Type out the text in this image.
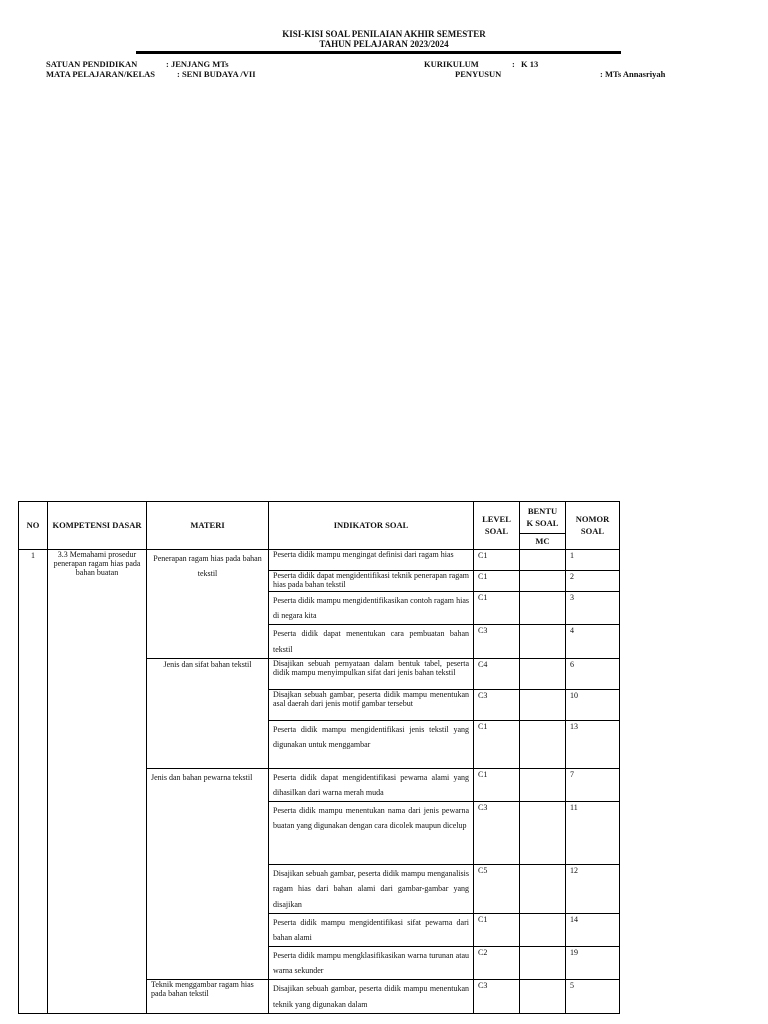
KISI-KISI SOAL PENILAIAN AKHIR SEMESTER
TAHUN PELAJARAN 2023/2024
SATUAN PENDIDIKAN	: JENJANG MTs
MATA PELAJARAN/KELAS	: SENI BUDAYA /VII
KURIKULUM	: K 13
PENYUSUN	: MTs Annasriyah
NO	KOMPETENSI DASAR	MATERI	INDIKATOR SOAL	LEVEL SOAL	BENTU K SOAL	NOMOR SOAL
					MC	
1	3.3 Memahami prosedur penerapan ragam hias pada bahan buatan	Penerapan ragam hias pada bahan tekstil	Peserta didik mampu mengingat definisi dari ragam hias	C1		1
			Peserta didik dapat mengidentifikasi teknik penerapan ragam hias pada bahan tekstil	C1		2
			Peserta didik mampu mengidentifikasikan contoh ragam hias di negara kita	C1		3
			Peserta didik dapat menentukan cara pembuatan bahan tekstil	C3		4
		Jenis dan sifat bahan tekstil	Disajikan sebuah pernyataan dalam bentuk tabel, peserta didik mampu menyimpulkan sifat dari jenis bahan tekstil	C4		6
			Disajkan sebuah gambar, peserta didik mampu menentukan asal daerah dari jenis motif gambar tersebut	C3		10
			Peserta didik mampu mengidentifikasi jenis tekstil yang digunakan untuk menggambar	C1		13
		Jenis dan bahan pewarna tekstil	Peserta didik dapat mengidentifikasi pewarna alami yang dihasilkan dari warna merah muda	C1		7
			Peserta didik mampu menentukan nama dari jenis pewarna buatan yang digunakan dengan cara dicolek maupun dicelup	C3		11
			Disajikan sebuah gambar, peserta didik mampu menganalisis ragam hias dari bahan alami dari gambar-gambar yang disajikan	C5		12
			Peserta didik mampu mengidentifikasi sifat pewarna dari bahan alami	C1		14
			Peserta didik mampu mengklasifikasikan warna turunan atau warna sekunder	C2		19
		Teknik menggambar ragam hias pada bahan tekstil	Disajikan sebuah gambar, peserta didik mampu menentukan teknik yang digunakan dalam	C3		5
